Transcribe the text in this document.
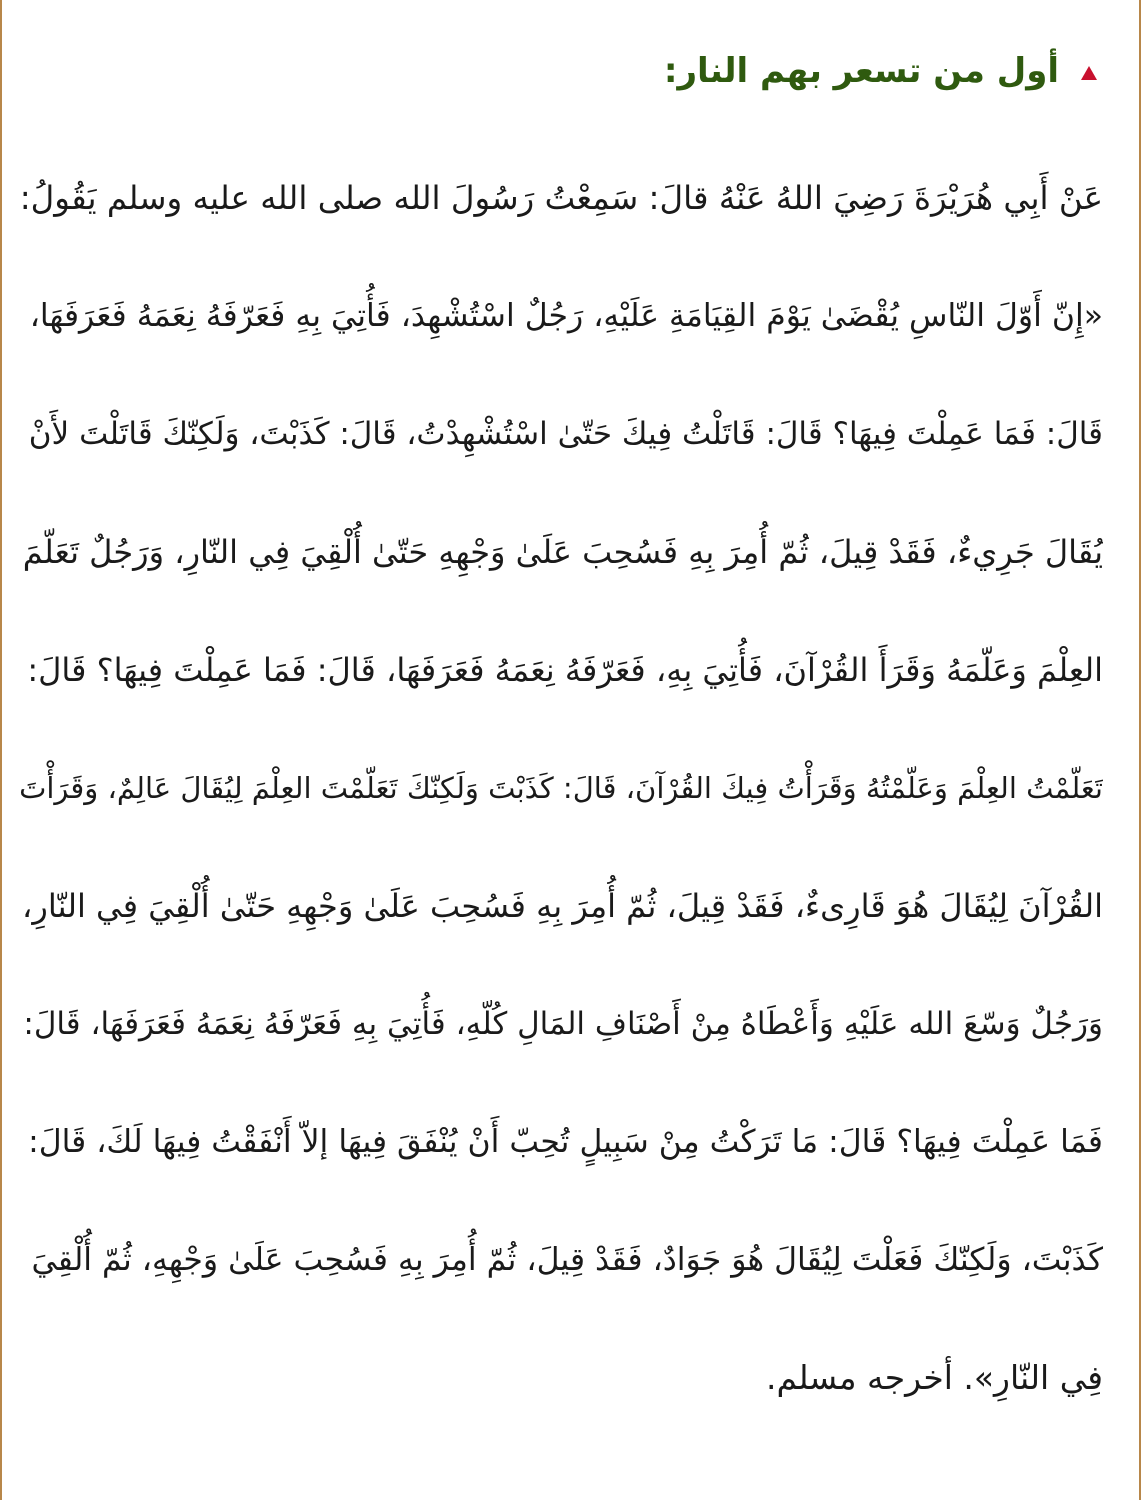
أول من تسعر بهم النار:
عَنْ أَبِي هُرَيْرَةَ رَضِيَ اللهُ عَنْهُ قالَ: سَمِعْتُ رَسُولَ الله صلى الله عليه وسلم يَقُولُ:
«إِنّ أَوّلَ النّاسِ يُقْضَىٰ يَوْمَ القِيَامَةِ عَلَيْهِ، رَجُلٌ اسْتُشْهِدَ، فَأُتِيَ بِهِ فَعَرّفَهُ نِعَمَهُ فَعَرَفَهَا،
قَالَ: فَمَا عَمِلْتَ فِيهَا؟ قَالَ: قَاتَلْتُ فِيكَ حَتّىٰ اسْتُشْهِدْتُ، قَالَ: كَذَبْتَ، وَلَكِنّكَ قَاتَلْتَ لأَنْ
يُقَالَ جَرِيءٌ، فَقَدْ قِيلَ، ثُمّ أُمِرَ بِهِ فَسُحِبَ عَلَىٰ وَجْهِهِ حَتّىٰ أُلْقِيَ فِي النّارِ، وَرَجُلٌ تَعَلّمَ
العِلْمَ وَعَلّمَهُ وَقَرَأَ القُرْآنَ، فَأُتِيَ بِهِ، فَعَرّفَهُ نِعَمَهُ فَعَرَفَهَا، قَالَ: فَمَا عَمِلْتَ فِيهَا؟ قَالَ:
تَعَلّمْتُ العِلْمَ وَعَلّمْتُهُ وَقَرَأْتُ فِيكَ القُرْآنَ، قَالَ: كَذَبْتَ وَلَكِنّكَ تَعَلّمْتَ العِلْمَ لِيُقَالَ عَالِمٌ، وَقَرَأْتَ
القُرْآنَ لِيُقَالَ هُوَ قَارِىءٌ، فَقَدْ قِيلَ، ثُمّ أُمِرَ بِهِ فَسُحِبَ عَلَىٰ وَجْهِهِ حَتّىٰ أُلْقِيَ فِي النّارِ،
وَرَجُلٌ وَسّعَ الله عَلَيْهِ وَأَعْطَاهُ مِنْ أَصْنَافِ المَالِ كُلّهِ، فَأُتِيَ بِهِ فَعَرّفَهُ نِعَمَهُ فَعَرَفَهَا، قَالَ:
فَمَا عَمِلْتَ فِيهَا؟ قَالَ: مَا تَرَكْتُ مِنْ سَبِيلٍ تُحِبّ أَنْ يُنْفَقَ فِيهَا إلاّ أَنْفَقْتُ فِيهَا لَكَ، قَالَ:
كَذَبْتَ، وَلَكِنّكَ فَعَلْتَ لِيُقَالَ هُوَ جَوَادٌ، فَقَدْ قِيلَ، ثُمّ أُمِرَ بِهِ فَسُحِبَ عَلَىٰ وَجْهِهِ، ثُمّ أُلْقِيَ
فِي النّارِ». أخرجه مسلم.
